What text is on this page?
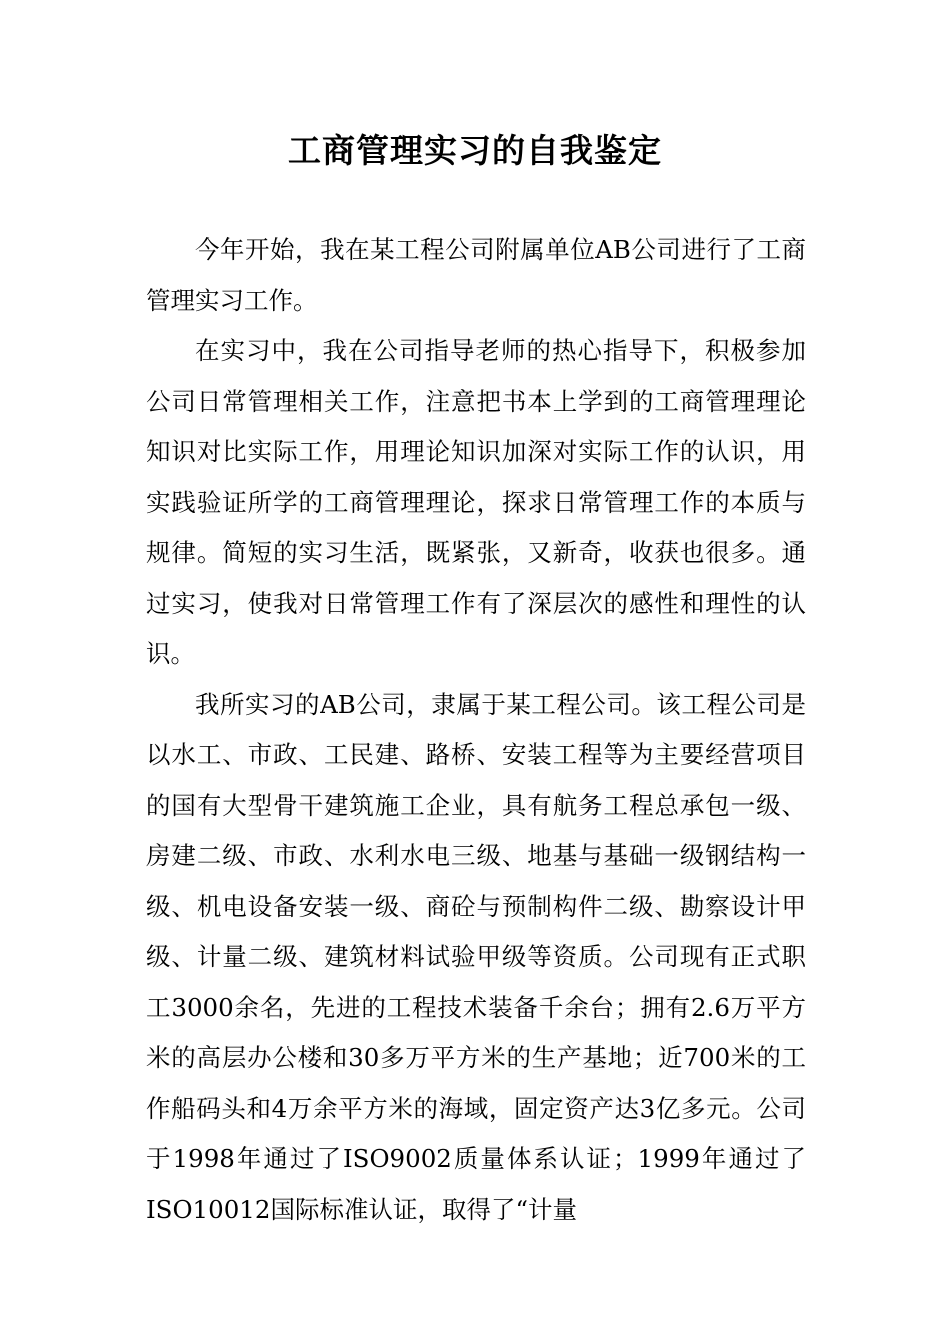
工商管理实习的自我鉴定

今年开始，我在某工程公司附属单位AB公司进行了工商管理实习工作。

在实习中，我在公司指导老师的热心指导下，积极参加公司日常管理相关工作，注意把书本上学到的工商管理理论知识对比实际工作，用理论知识加深对实际工作的认识，用实践验证所学的工商管理理论，探求日常管理工作的本质与规律。简短的实习生活，既紧张，又新奇，收获也很多。通过实习，使我对日常管理工作有了深层次的感性和理性的认识。

我所实习的AB公司，隶属于某工程公司。该工程公司是以水工、市政、工民建、路桥、安装工程等为主要经营项目的国有大型骨干建筑施工企业，具有航务工程总承包一级、房建二级、市政、水利水电三级、地基与基础一级钢结构一级、机电设备安装一级、商砼与预制构件二级、勘察设计甲级、计量二级、建筑材料试验甲级等资质。公司现有正式职工3000余名，先进的工程技术装备千余台；拥有2.6万平方米的高层办公楼和30多万平方米的生产基地；近700米的工作船码头和4万余平方米的海域，固定资产达3亿多元。公司于1998年通过了ISO9002质量体系认证；1999年通过了ISO10012国际标准认证，取得了“计量
